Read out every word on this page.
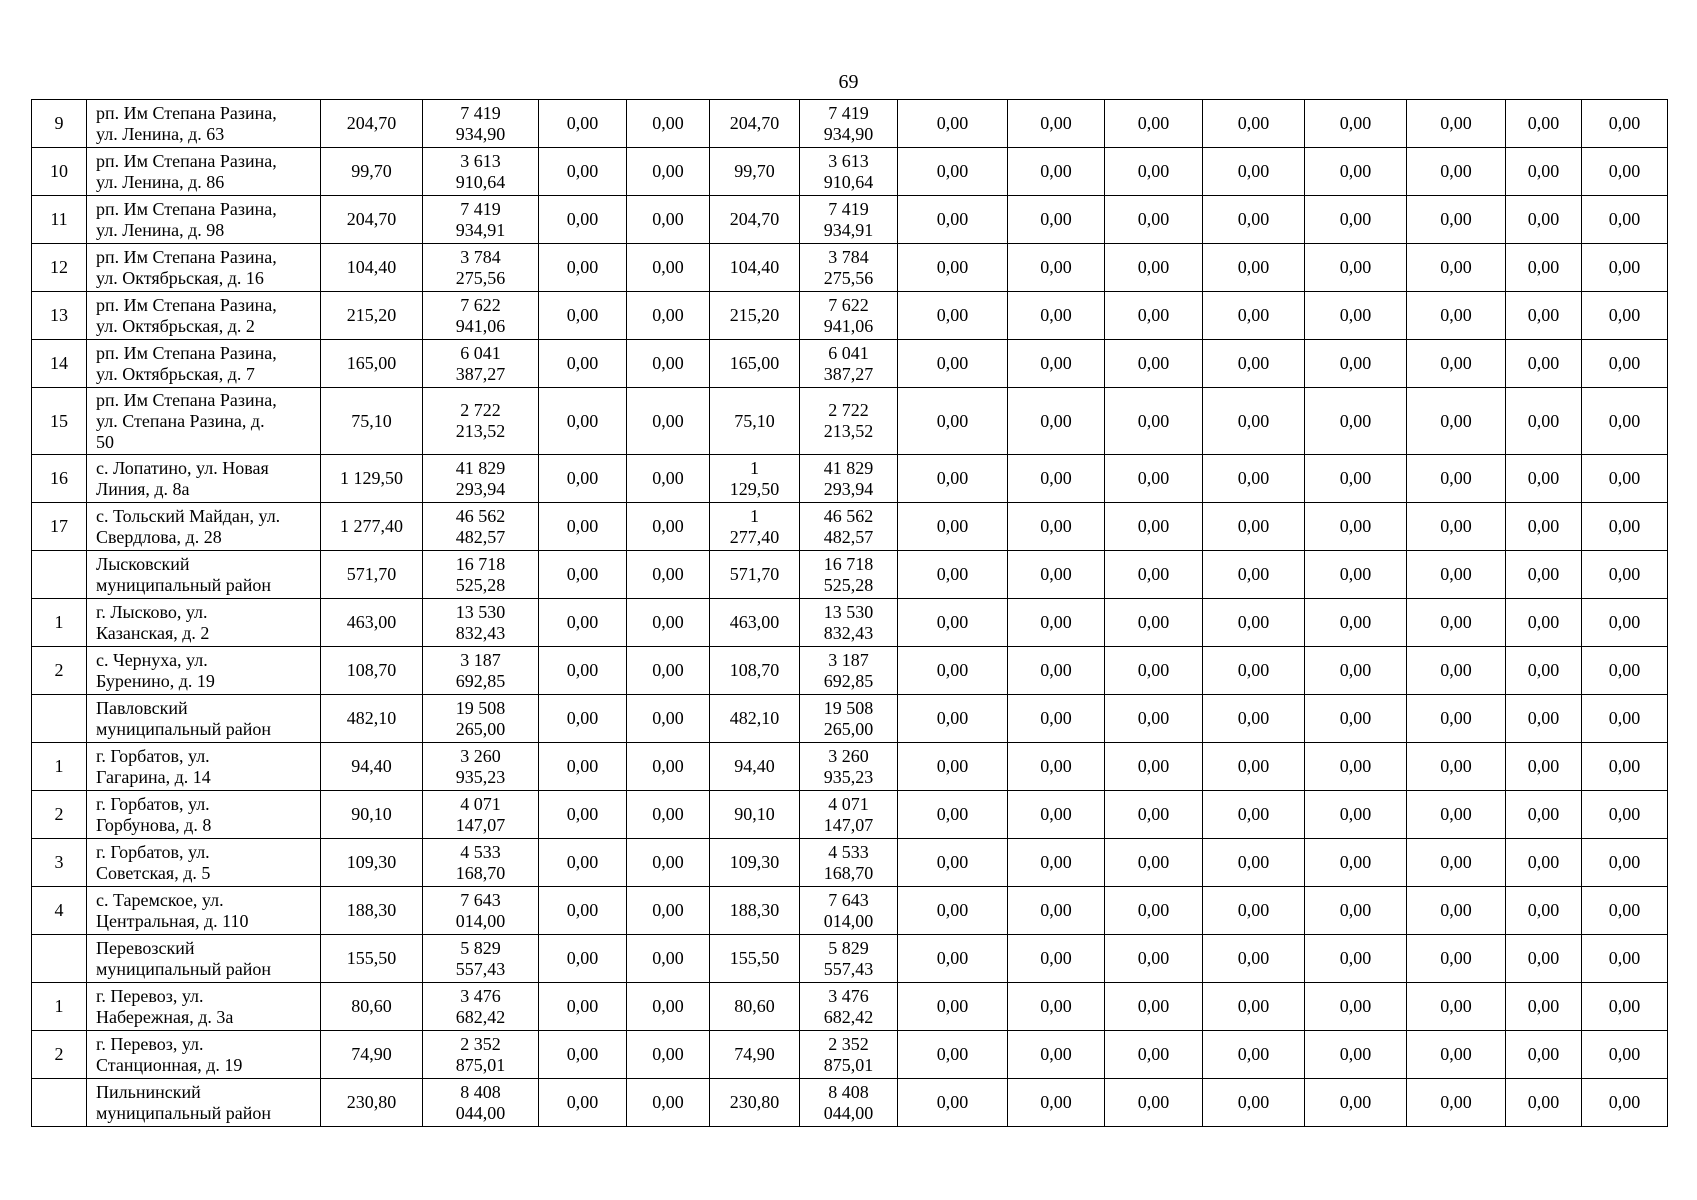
69
9	рп. Им Степана Разина,
ул. Ленина, д. 63	204,70	7 419
934,90	0,00	0,00	204,70	7 419
934,90	0,00	0,00	0,00	0,00	0,00	0,00	0,00	0,00
10	рп. Им Степана Разина,
ул. Ленина, д. 86	99,70	3 613
910,64	0,00	0,00	99,70	3 613
910,64	0,00	0,00	0,00	0,00	0,00	0,00	0,00	0,00
11	рп. Им Степана Разина,
ул. Ленина, д. 98	204,70	7 419
934,91	0,00	0,00	204,70	7 419
934,91	0,00	0,00	0,00	0,00	0,00	0,00	0,00	0,00
12	рп. Им Степана Разина,
ул. Октябрьская, д. 16	104,40	3 784
275,56	0,00	0,00	104,40	3 784
275,56	0,00	0,00	0,00	0,00	0,00	0,00	0,00	0,00
13	рп. Им Степана Разина,
ул. Октябрьская, д. 2	215,20	7 622
941,06	0,00	0,00	215,20	7 622
941,06	0,00	0,00	0,00	0,00	0,00	0,00	0,00	0,00
14	рп. Им Степана Разина,
ул. Октябрьская, д. 7	165,00	6 041
387,27	0,00	0,00	165,00	6 041
387,27	0,00	0,00	0,00	0,00	0,00	0,00	0,00	0,00
15	рп. Им Степана Разина,
ул. Степана Разина, д.
50	75,10	2 722
213,52	0,00	0,00	75,10	2 722
213,52	0,00	0,00	0,00	0,00	0,00	0,00	0,00	0,00
16	с. Лопатино, ул. Новая
Линия, д. 8а	1 129,50	41 829
293,94	0,00	0,00	1
129,50	41 829
293,94	0,00	0,00	0,00	0,00	0,00	0,00	0,00	0,00
17	с. Тольский Майдан, ул.
Свердлова, д. 28	1 277,40	46 562
482,57	0,00	0,00	1
277,40	46 562
482,57	0,00	0,00	0,00	0,00	0,00	0,00	0,00	0,00
	Лысковский
муниципальный район	571,70	16 718
525,28	0,00	0,00	571,70	16 718
525,28	0,00	0,00	0,00	0,00	0,00	0,00	0,00	0,00
1	г. Лысково, ул.
Казанская, д. 2	463,00	13 530
832,43	0,00	0,00	463,00	13 530
832,43	0,00	0,00	0,00	0,00	0,00	0,00	0,00	0,00
2	с. Чернуха, ул.
Буренино, д. 19	108,70	3 187
692,85	0,00	0,00	108,70	3 187
692,85	0,00	0,00	0,00	0,00	0,00	0,00	0,00	0,00
	Павловский
муниципальный район	482,10	19 508
265,00	0,00	0,00	482,10	19 508
265,00	0,00	0,00	0,00	0,00	0,00	0,00	0,00	0,00
1	г. Горбатов, ул.
Гагарина, д. 14	94,40	3 260
935,23	0,00	0,00	94,40	3 260
935,23	0,00	0,00	0,00	0,00	0,00	0,00	0,00	0,00
2	г. Горбатов, ул.
Горбунова, д. 8	90,10	4 071
147,07	0,00	0,00	90,10	4 071
147,07	0,00	0,00	0,00	0,00	0,00	0,00	0,00	0,00
3	г. Горбатов, ул.
Советская, д. 5	109,30	4 533
168,70	0,00	0,00	109,30	4 533
168,70	0,00	0,00	0,00	0,00	0,00	0,00	0,00	0,00
4	с. Таремское, ул.
Центральная, д. 110	188,30	7 643
014,00	0,00	0,00	188,30	7 643
014,00	0,00	0,00	0,00	0,00	0,00	0,00	0,00	0,00
	Перевозский
муниципальный район	155,50	5 829
557,43	0,00	0,00	155,50	5 829
557,43	0,00	0,00	0,00	0,00	0,00	0,00	0,00	0,00
1	г. Перевоз, ул.
Набережная, д. 3а	80,60	3 476
682,42	0,00	0,00	80,60	3 476
682,42	0,00	0,00	0,00	0,00	0,00	0,00	0,00	0,00
2	г. Перевоз, ул.
Станционная, д. 19	74,90	2 352
875,01	0,00	0,00	74,90	2 352
875,01	0,00	0,00	0,00	0,00	0,00	0,00	0,00	0,00
	Пильнинский
муниципальный район	230,80	8 408
044,00	0,00	0,00	230,80	8 408
044,00	0,00	0,00	0,00	0,00	0,00	0,00	0,00	0,00
